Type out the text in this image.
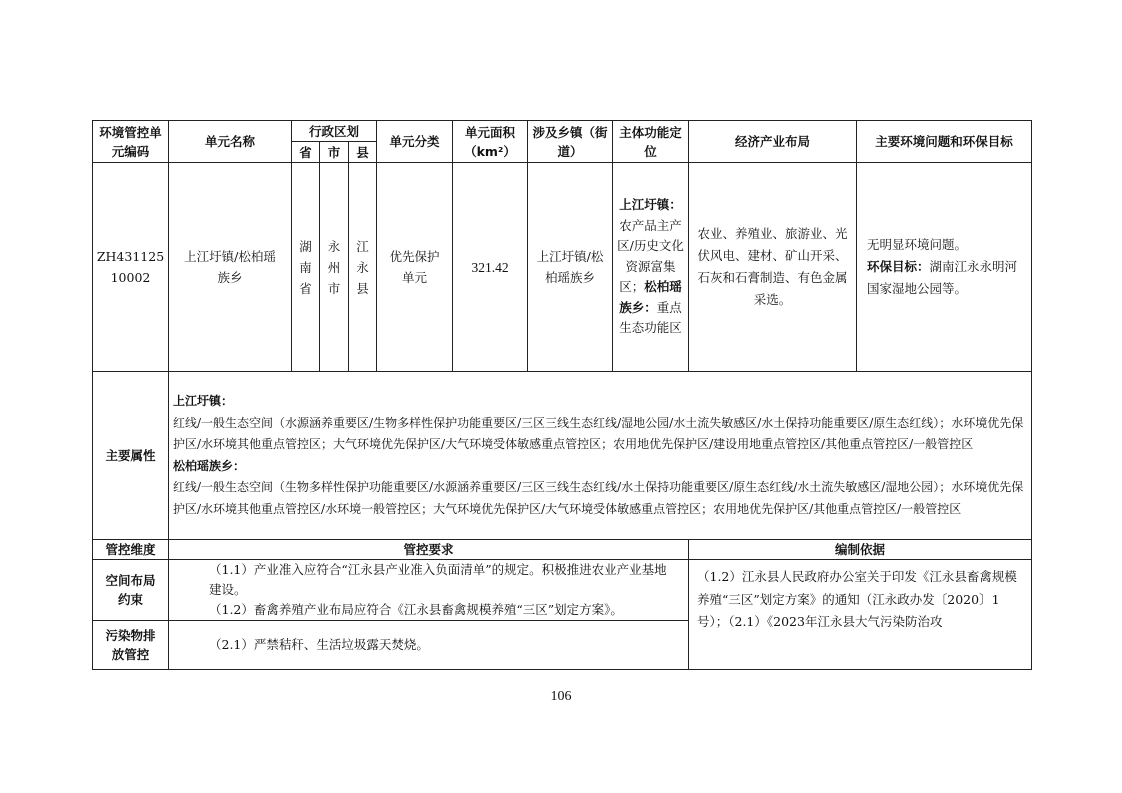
环境管控单元编码	单元名称	行政区划			单元分类	单元面积（km²）	涉及乡镇（街道）	主体功能定位	经济产业布局	主要环境问题和环保目标
		省	市	县						
ZH43112510002	上江圩镇/松柏瑶族乡	湖南省	永州市	江永县	优先保护单元	321.42	上江圩镇/松柏瑶族乡	上江圩镇：农产品主产区/历史文化资源富集区；松柏瑶族乡：重点生态功能区	农业、养殖业、旅游业、光伏风电、建材、矿山开采、石灰和石膏制造、有色金属采选。	无明显环境问题。
环保目标：湖南江永永明河国家湿地公园等。

主要属性	上江圩镇：
红线/一般生态空间（水源涵养重要区/生物多样性保护功能重要区/三区三线生态红线/湿地公园/水土流失敏感区/水土保持功能重要区/原生态红线）；水环境优先保护区/水环境其他重点管控区；大气环境优先保护区/大气环境受体敏感重点管控区；农用地优先保护区/建设用地重点管控区/其他重点管控区/一般管控区
松柏瑶族乡：
红线/一般生态空间（生物多样性保护功能重要区/水源涵养重要区/三区三线生态红线/水土保持功能重要区/原生态红线/水土流失敏感区/湿地公园）；水环境优先保护区/水环境其他重点管控区/水环境一般管控区；大气环境优先保护区/大气环境受体敏感重点管控区；农用地优先保护区/其他重点管控区/一般管控区									

管控维度	管控要求								编制依据	
空间布局约束	（1.1）产业准入应符合“江永县产业准入负面清单”的规定。积极推进农业产业基地建设。
（1.2）畜禽养殖产业布局应符合《江永县畜禽规模养殖“三区”划定方案》。								（1.2）江永县人民政府办公室关于印发《江永县畜禽规模养殖“三区”划定方案》的通知（江永政办发〔2020〕1号）；（2.1）《2023年江永县大气污染防治攻	
污染物排放管控	（2.1）严禁秸秆、生活垃圾露天焚烧。									
106
